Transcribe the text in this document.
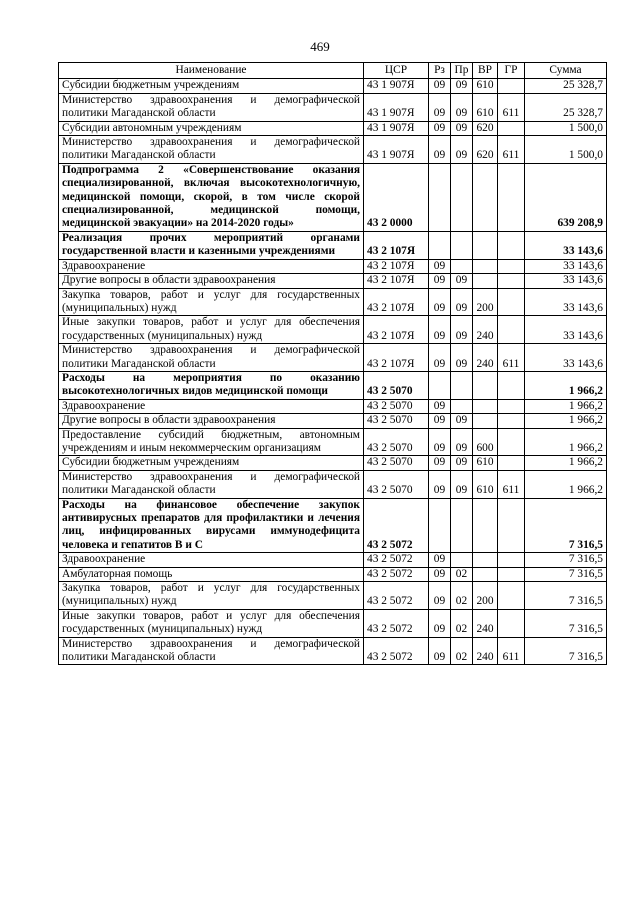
469
Наименование	ЦСР	Рз	Пр	ВР	ГР	Сумма
Субсидии бюджетным учреждениям	43 1 907Я	09	09	610		25 328,7
Министерство здравоохранения и демографической политики Магаданской области	43 1 907Я	09	09	610	611	25 328,7
Субсидии автономным учреждениям	43 1 907Я	09	09	620		1 500,0
Министерство здравоохранения и демографической политики Магаданской области	43 1 907Я	09	09	620	611	1 500,0
Подпрограмма 2 «Совершенствование оказания специализированной, включая высокотехнологичную, медицинской помощи, скорой, в том числе скорой специализированной, медицинской помощи, медицинской эвакуации» на 2014-2020 годы»	43 2 0000					639 208,9
Реализация прочих мероприятий органами государственной власти и казенными учреждениями	43 2 107Я					33 143,6
Здравоохранение	43 2 107Я	09				33 143,6
Другие вопросы в области здравоохранения	43 2 107Я	09	09			33 143,6
Закупка товаров, работ и услуг для государственных (муниципальных) нужд	43 2 107Я	09	09	200		33 143,6
Иные закупки товаров, работ и услуг для обеспечения государственных (муниципальных) нужд	43 2 107Я	09	09	240		33 143,6
Министерство здравоохранения и демографической политики Магаданской области	43 2 107Я	09	09	240	611	33 143,6
Расходы на мероприятия по оказанию высокотехнологичных видов медицинской помощи	43 2 5070					1 966,2
Здравоохранение	43 2 5070	09				1 966,2
Другие вопросы в области здравоохранения	43 2 5070	09	09			1 966,2
Предоставление субсидий бюджетным, автономным учреждениям и иным некоммерческим организациям	43 2 5070	09	09	600		1 966,2
Субсидии бюджетным учреждениям	43 2 5070	09	09	610		1 966,2
Министерство здравоохранения и демографической политики Магаданской области	43 2 5070	09	09	610	611	1 966,2
Расходы на финансовое обеспечение закупок антивирусных препаратов для профилактики и лечения лиц, инфицированных вирусами иммунодефицита человека и гепатитов В и С	43 2 5072					7 316,5
Здравоохранение	43 2 5072	09				7 316,5
Амбулаторная помощь	43 2 5072	09	02			7 316,5
Закупка товаров, работ и услуг для государственных (муниципальных) нужд	43 2 5072	09	02	200		7 316,5
Иные закупки товаров, работ и услуг для обеспечения государственных (муниципальных) нужд	43 2 5072	09	02	240		7 316,5
Министерство здравоохранения и демографической политики Магаданской области	43 2 5072	09	02	240	611	7 316,5
